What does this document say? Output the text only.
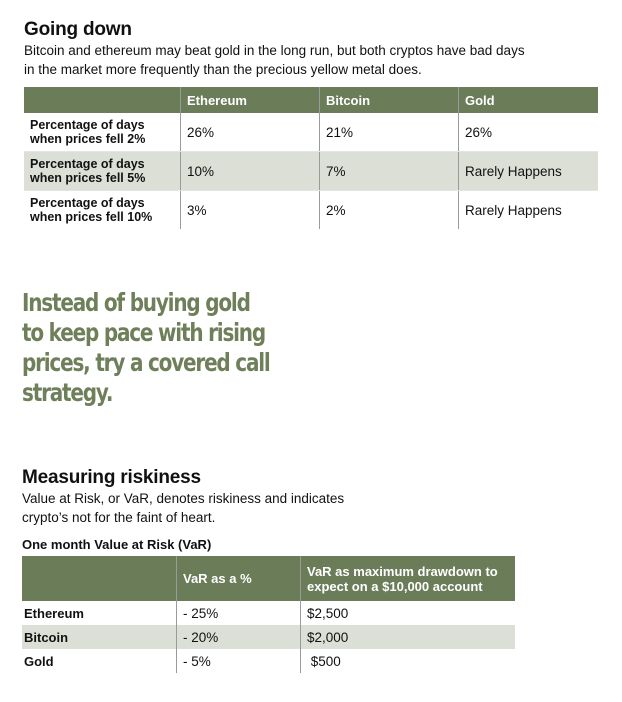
Going down
Bitcoin and ethereum may beat gold in the long run, but both cryptos have bad days
in the market more frequently than the precious yellow metal does.
Ethereum	Bitcoin	Gold
Percentage of days
when prices fell 2%	26%	21%	26%
Percentage of days
when prices fell 5%	10%	7%	Rarely Happens
Percentage of days
when prices fell 10%	3%	2%	Rarely Happens
Instead of buying gold
to keep pace with rising
prices, try a covered call
strategy.
Measuring riskiness
Value at Risk, or VaR, denotes riskiness and indicates
crypto’s not for the faint of heart.
One month Value at Risk (VaR)
VaR as a %	VaR as maximum drawdown to
expect on a $10,000 account
Ethereum	- 25%	$2,500
Bitcoin	- 20%	$2,000
Gold	- 5%	$500
